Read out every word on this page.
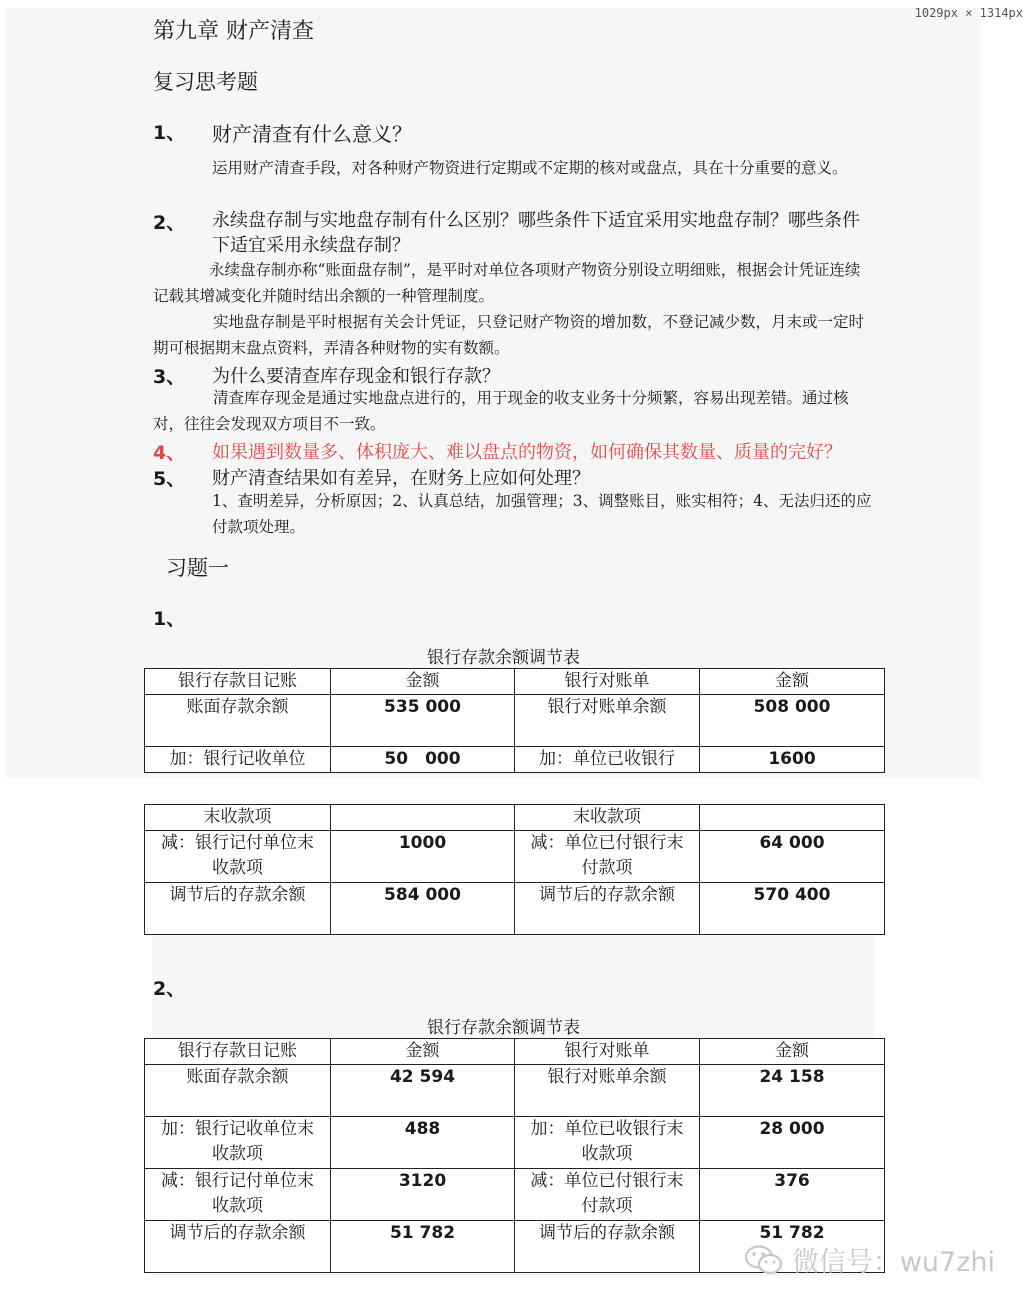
1029px × 1314px
第九章 财产清查
复习思考题
1、 财产清查有什么意义？
运用财产清查手段，对各种财产物资进行定期或不定期的核对或盘点，具在十分重要的意义。
2、 永续盘存制与实地盘存制有什么区别？哪些条件下适宜采用实地盘存制？哪些条件下适宜采用永续盘存制？
永续盘存制亦称“账面盘存制”，是平时对单位各项财产物资分别设立明细账，根据会计凭证连续记载其增减变化并随时结出余额的一种管理制度。
实地盘存制是平时根据有关会计凭证，只登记财产物资的增加数，不登记减少数，月末或一定时期可根据期末盘点资料，弄清各种财物的实有数额。
3、 为什么要清查库存现金和银行存款？
清查库存现金是通过实地盘点进行的，用于现金的收支业务十分频繁，容易出现差错。通过核对，往往会发现双方项目不一致。
4、 如果遇到数量多、体积庞大、难以盘点的物资，如何确保其数量、质量的完好？
5、 财产清查结果如有差异，在财务上应如何处理？
1、查明差异，分析原因；2、认真总结，加强管理；3、调整账目，账实相符；4、无法归还的应付款项处理。
习题一
1、
银行存款余额调节表
银行存款日记账	金额	银行对账单	金额
账面存款余额	535 000	银行对账单余额	508 000
加：银行记收单位	50　000	加：单位已收银行	1600
末收款项		末收款项	
减：银行记付单位末收款项	1000	减：单位已付银行末付款项	64 000
调节后的存款余额	584 000	调节后的存款余额	570 400
2、
银行存款余额调节表
银行存款日记账	金额	银行对账单	金额
账面存款余额	42 594	银行对账单余额	24 158
加：银行记收单位末收款项	488	加：单位已收银行末收款项	28 000
减：银行记付单位末收款项	3120	减：单位已付银行末付款项	376
调节后的存款余额	51 782	调节后的存款余额	51 782
微信号：wu7zhi
